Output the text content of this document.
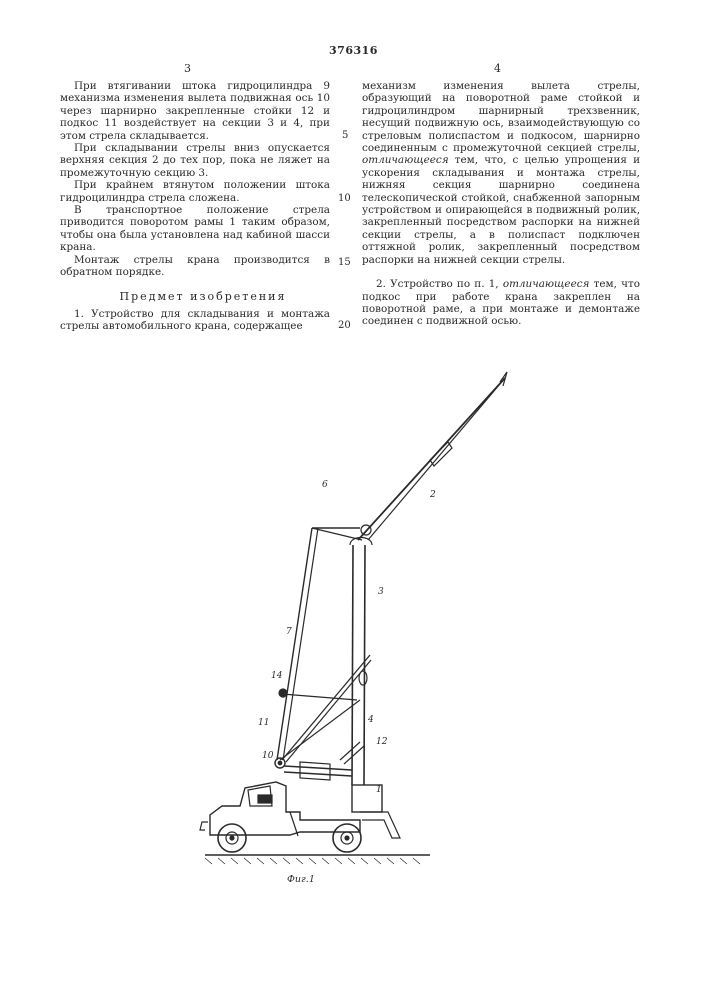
376316
3	4

При втягивании штока гидроцилиндра 9 механизма изменения вылета подвижная ось 10 через шарнирно закрепленные стойки 12 и подкос 11 воздействует на секции 3 и 4, при этом стрела складывается.

При складывании стрелы вниз опускается верхняя секция 2 до тех пор, пока не ляжет на промежуточную секцию 3.

При крайнем втянутом положении штока гидроцилиндра стрела сложена.

В транспортное положение стрела приводится поворотом рамы 1 таким образом, чтобы она была установлена над кабиной шасси крана.

Монтаж стрелы крана производится в обратном порядке.

Предмет изобретения

1. Устройство для складывания и монтажа стрелы автомобильного крана, содержащее

5
10
15
20

механизм изменения вылета стрелы, образующий на поворотной раме стойкой и гидроцилиндром шарнирный трехзвенник, несущий подвижную ось, взаимодействующую со стреловым полиспастом и подкосом, шарнирно соединенным с промежуточной секцией стрелы, отличающееся тем, что, с целью упрощения и ускорения складывания и монтажа стрелы, нижняя секция шарнирно соединена телескопической стойкой, снабженной запорным устройством и опирающейся в подвижный ролик, закрепленный посредством распорки на нижней секции стрелы, а в полиспаст подключен оттяжной ролик, закрепленный посредством распорки на нижней секции стрелы.

2. Устройство по п. 1, отличающееся тем, что подкос при работе крана закреплен на поворотной раме, а при монтаже и демонтаже соединен с подвижной осью.

6
2
3
7
14
4
11
12
10
1
Фиг.1
